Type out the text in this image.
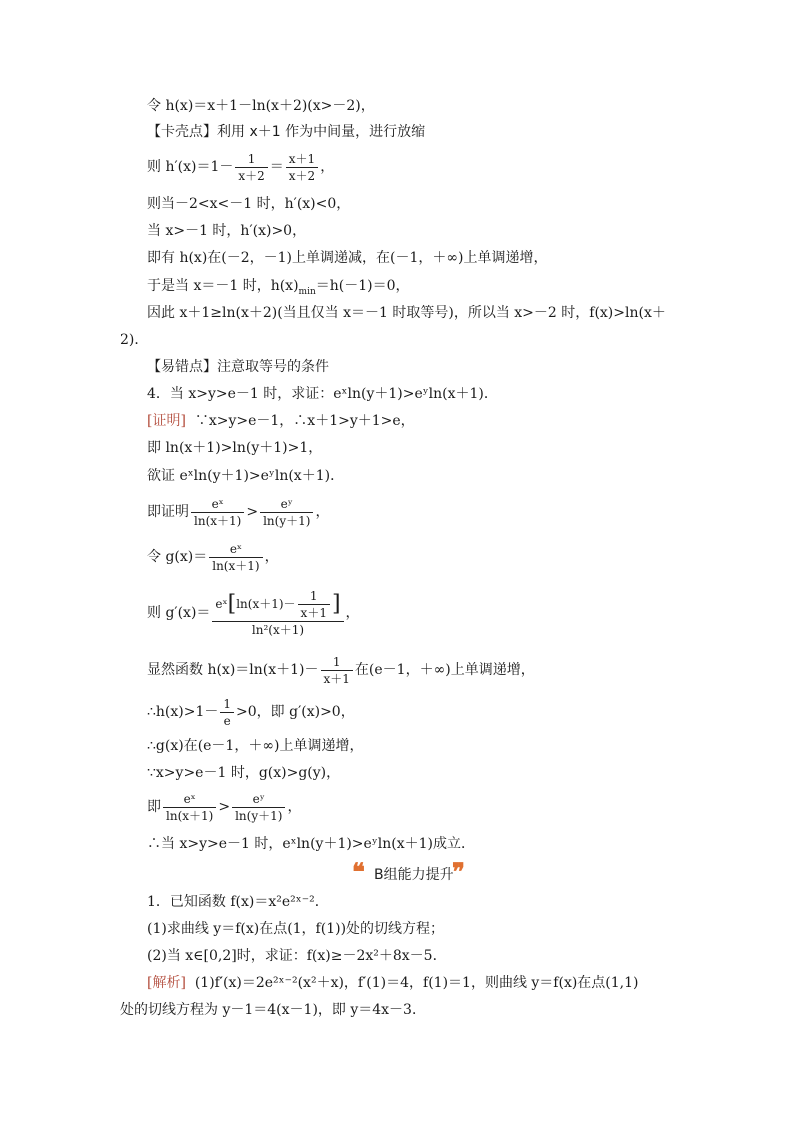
令 h(x)＝x＋1－ln(x＋2)(x>－2)，
【卡壳点】利用 x＋1 作为中间量，进行放缩
则 $h'(x)=1- \frac{1}{x+2} = \frac{x+1}{x+2}$ ，
则当－2<x<－1 时，h′(x)<0，
当 x>－1 时，h′(x)>0，
即有 h(x)在(－2，－1)上单调递减，在(－1，＋∞)上单调递增，
于是当 x＝－1 时，$h(x)_{min}=h(-1)=0$，
因此 x＋1≥ln(x＋2)(当且仅当 x＝－1 时取等号)，所以当 x>－2 时，f(x)>ln(x＋
2)．
【易错点】注意取等号的条件
4．当 x>y>e－1 时，求证：eˣln(y＋1)>eʸln(x＋1)．
[证明] ∵x>y>e－1，∴x＋1>y＋1>e，
即 ln(x＋1)>ln(y＋1)>1，
欲证 eˣln(y＋1)>eʸln(x＋1)．
即证明 $\frac{\text{eˣ}}{\ln(x+1)} > \frac{\text{eʸ}}{\ln(y+1)}$ ，
令 $g(x)= \frac{\text{eˣ}}{\ln(x+1)}$ ，
则 $g'(x)= \frac{eˣ[\ln(x+1)- \frac{1}{x+1} ]}{\text{ln²(x＋1)}}$ ，
显然函数 $h(x)=\ln(x+1)- \frac{1}{x+1}$ 在(e－1，＋∞)上单调递增，
∴h(x)>1－ $\frac{1}{e} >0$，即 g′(x)>0，
∴g(x)在(e－1，＋∞)上单调递增，
∵x>y>e－1 时，g(x)>g(y)，
即 $\frac{\text{eˣ}}{\ln(x+1)} > \frac{\text{eʸ}}{\ln(y+1)}$ ，
∴当 x>y>e－1 时，eˣln(y＋1)>eʸln(x＋1)成立．
❝ B组能力提升
❞
1．已知函数 f(x)＝x²e²ˣ⁻²．
(1)求曲线 y＝f(x)在点(1，f(1))处的切线方程；
(2)当 x∈[0,2]时，求证：f(x)≥－2x²＋8x－5．
[解析] (1)f′(x)＝2e²ˣ⁻²(x²＋x)，f′(1)＝4，f(1)＝1，则曲线 y＝f(x)在点(1,1)
处的切线方程为 y－1＝4(x－1)，即 y＝4x－3．
